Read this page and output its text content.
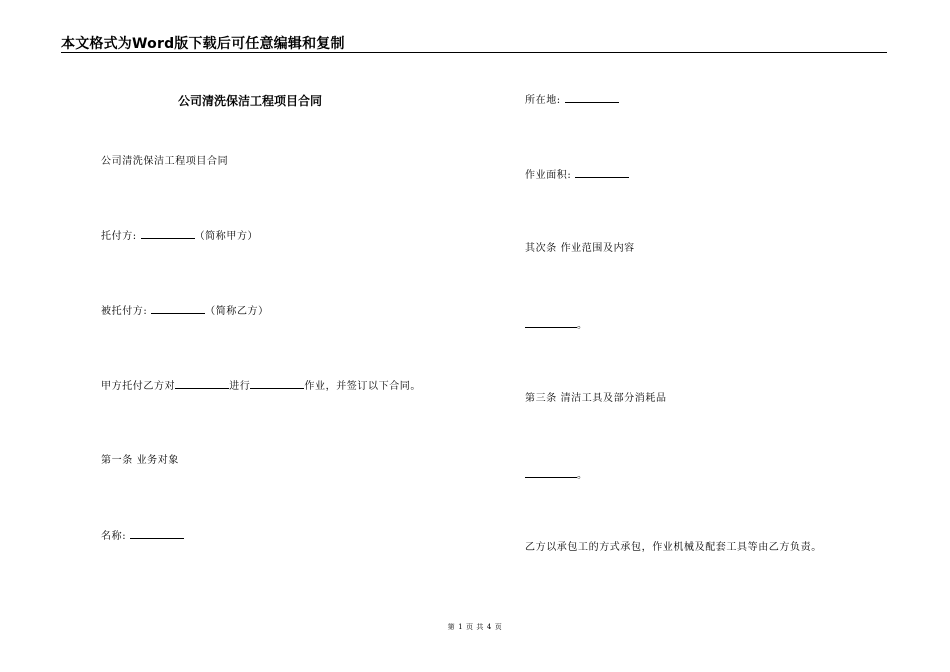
本文格式为Word版下载后可任意编辑和复制
公司清洗保洁工程项目合同
公司清洗保洁工程项目合同
托付方:	（简称甲方）
被托付方:	（简称乙方）
甲方托付乙方对	进行	作业，并签订以下合同。
第一条 业务对象
名称:
所在地:
作业面积:
其次条 作业范围及内容
。
第三条 清洁工具及部分消耗品
。
乙方以承包工的方式承包，作业机械及配套工具等由乙方负责。
第 1 页 共 4 页
